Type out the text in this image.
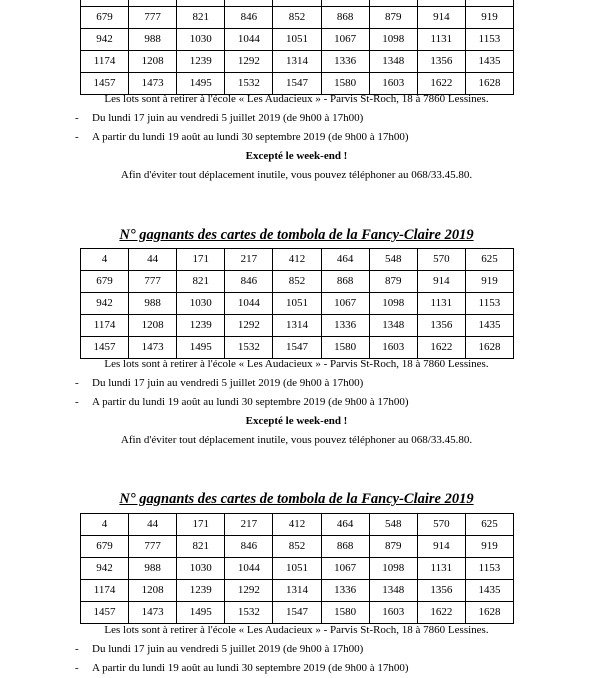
679	777	821	846	852	868	879	914	919
942	988	1030	1044	1051	1067	1098	1131	1153
1174	1208	1239	1292	1314	1336	1348	1356	1435
1457	1473	1495	1532	1547	1580	1603	1622	1628
Les lots sont à retirer à l'école « Les Audacieux » - Parvis St-Roch, 18 à 7860 Lessines.
- Du lundi 17 juin au vendredi 5 juillet 2019 (de 9h00 à 17h00)
- A partir du lundi 19 août au lundi 30 septembre 2019 (de 9h00 à 17h00)
Excepté le week-end !
Afin d'éviter tout déplacement inutile, vous pouvez téléphoner au 068/33.45.80.
N° gagnants des cartes de tombola de la Fancy-Claire 2019
4	44	171	217	412	464	548	570	625
679	777	821	846	852	868	879	914	919
942	988	1030	1044	1051	1067	1098	1131	1153
1174	1208	1239	1292	1314	1336	1348	1356	1435
1457	1473	1495	1532	1547	1580	1603	1622	1628
Les lots sont à retirer à l'école « Les Audacieux » - Parvis St-Roch, 18 à 7860 Lessines.
- Du lundi 17 juin au vendredi 5 juillet 2019 (de 9h00 à 17h00)
- A partir du lundi 19 août au lundi 30 septembre 2019 (de 9h00 à 17h00)
Excepté le week-end !
Afin d'éviter tout déplacement inutile, vous pouvez téléphoner au 068/33.45.80.
N° gagnants des cartes de tombola de la Fancy-Claire 2019
4	44	171	217	412	464	548	570	625
679	777	821	846	852	868	879	914	919
942	988	1030	1044	1051	1067	1098	1131	1153
1174	1208	1239	1292	1314	1336	1348	1356	1435
1457	1473	1495	1532	1547	1580	1603	1622	1628
Les lots sont à retirer à l'école « Les Audacieux » - Parvis St-Roch, 18 à 7860 Lessines.
- Du lundi 17 juin au vendredi 5 juillet 2019 (de 9h00 à 17h00)
- A partir du lundi 19 août au lundi 30 septembre 2019 (de 9h00 à 17h00)
